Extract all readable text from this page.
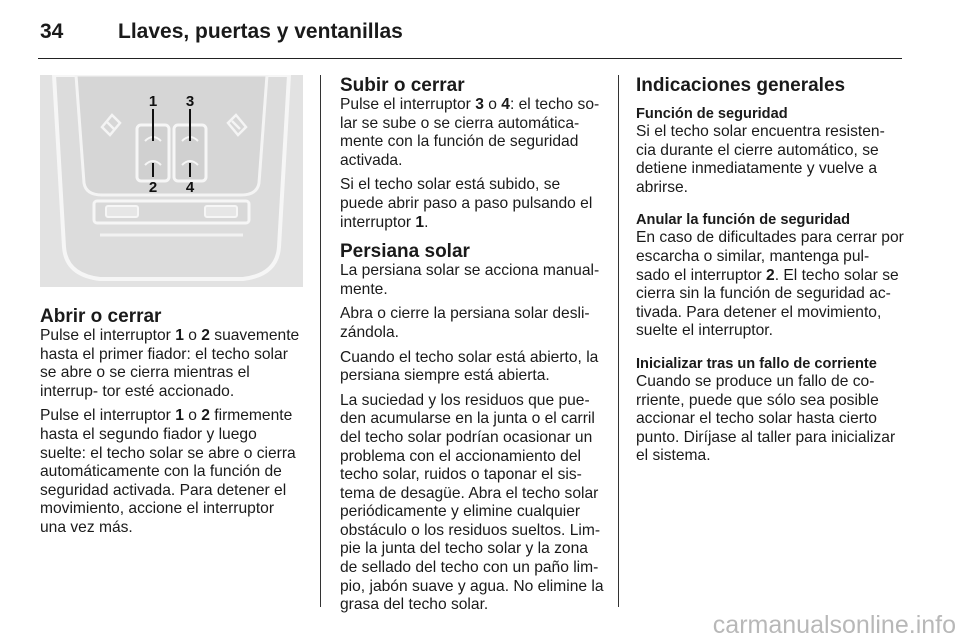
34	Llaves, puertas y ventanillas
1 3
2 4
Abrir o cerrar

Pulse el interruptor 1 o 2 suavemente hasta el primer fiador: el techo solar se abre o se cierra mientras el interrup- tor esté accionado.

Pulse el interruptor 1 o 2 firmemente hasta el segundo fiador y luego suelte: el techo solar se abre o cierra automáticamente con la función de seguridad activada. Para detener el movimiento, accione el interruptor una vez más.

Subir o cerrar

Pulse el interruptor 3 o 4: el techo so- lar se sube o se cierra automática- mente con la función de seguridad activada.

Si el techo solar está subido, se puede abrir paso a paso pulsando el interruptor 1.

Persiana solar

La persiana solar se acciona manual- mente.

Abra o cierre la persiana solar desli- zándola.

Cuando el techo solar está abierto, la persiana siempre está abierta.

La suciedad y los residuos que pue- den acumularse en la junta o el carril del techo solar podrían ocasionar un problema con el accionamiento del techo solar, ruidos o taponar el sis- tema de desagüe. Abra el techo solar periódicamente y elimine cualquier obstáculo o los residuos sueltos. Lim- pie la junta del techo solar y la zona de sellado del techo con un paño lim- pio, jabón suave y agua. No elimine la grasa del techo solar.

Indicaciones generales
Función de seguridad

Si el techo solar encuentra resisten- cia durante el cierre automático, se detiene inmediatamente y vuelve a abrirse.

Anular la función de seguridad

En caso de dificultades para cerrar por escarcha o similar, mantenga pul- sado el interruptor 2. El techo solar se cierra sin la función de seguridad ac- tivada. Para detener el movimiento, suelte el interruptor.

Inicializar tras un fallo de corriente

Cuando se produce un fallo de co- rriente, puede que sólo sea posible accionar el techo solar hasta cierto punto. Diríjase al taller para inicializar el sistema.

carmanualsonline.info
